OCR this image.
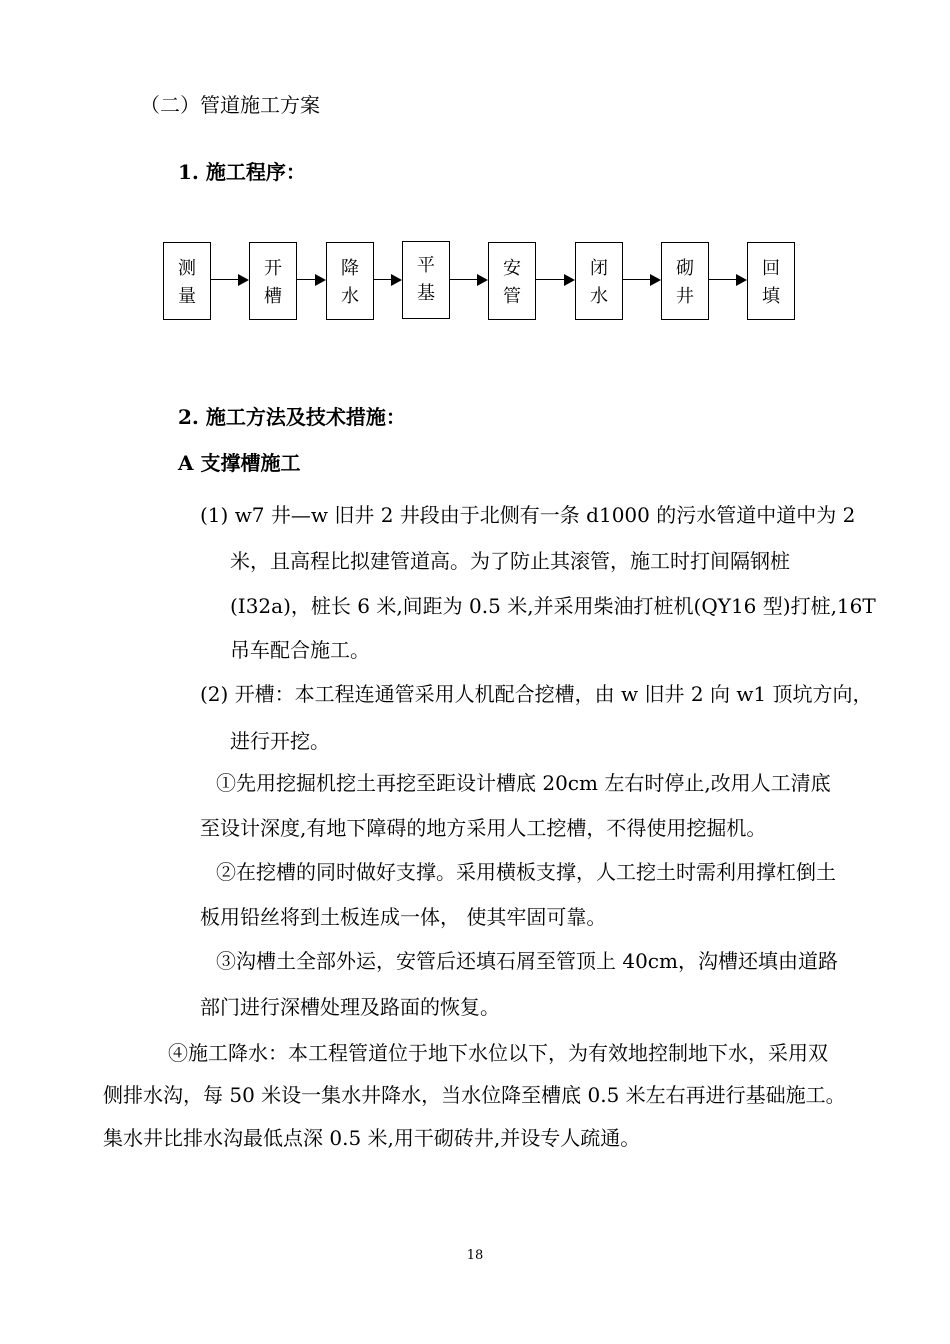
（二）管道施工方案
1. 施工程序：
测
量
开
槽
降
水
平
基
安
管
闭
水
砌
井
回
填
2. 施工方法及技术措施：
A 支撑槽施工
(1) w7 井—w 旧井 2 井段由于北侧有一条 d1000 的污水管道中道中为 2
米，且高程比拟建管道高。为了防止其滚管，施工时打间隔钢桩
(I32a)，桩长 6 米,间距为 0.5 米,并采用柴油打桩机(QY16 型)打桩,16T
吊车配合施工。
(2) 开槽：本工程连通管采用人机配合挖槽，由 w 旧井 2 向 w1 顶坑方向，
进行开挖。
①先用挖掘机挖土再挖至距设计槽底 20cm 左右时停止,改用人工清底
至设计深度,有地下障碍的地方采用人工挖槽，不得使用挖掘机。
②在挖槽的同时做好支撑。采用横板支撑，人工挖土时需利用撑杠倒土
板用铅丝将到土板连成一体， 使其牢固可靠。
③沟槽土全部外运，安管后还填石屑至管顶上 40cm，沟槽还填由道路
部门进行深槽处理及路面的恢复。
④施工降水：本工程管道位于地下水位以下，为有效地控制地下水，采用双
侧排水沟，每 50 米设一集水井降水，当水位降至槽底 0.5 米左右再进行基础施工。
集水井比排水沟最低点深 0.5 米,用干砌砖井,并设专人疏通。
18
